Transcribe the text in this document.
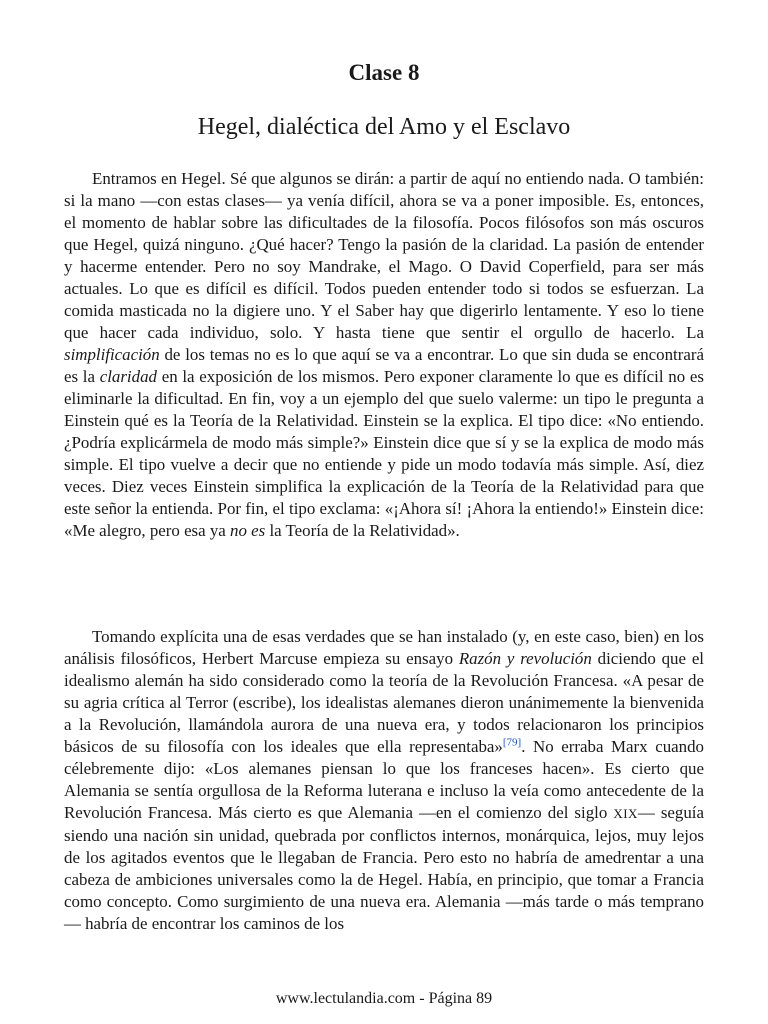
Clase 8
Hegel, dialéctica del Amo y el Esclavo

Entramos en Hegel. Sé que algunos se dirán: a partir de aquí no entiendo nada. O también: si la mano —con estas clases— ya venía difícil, ahora se va a poner imposible. Es, entonces, el momento de hablar sobre las dificultades de la filosofía. Pocos filósofos son más oscuros que Hegel, quizá ninguno. ¿Qué hacer? Tengo la pasión de la claridad. La pasión de entender y hacerme entender. Pero no soy Mandrake, el Mago. O David Coperfield, para ser más actuales. Lo que es difícil es difícil. Todos pueden entender todo si todos se esfuerzan. La comida masticada no la digiere uno. Y el Saber hay que digerirlo lentamente. Y eso lo tiene que hacer cada individuo, solo. Y hasta tiene que sentir el orgullo de hacerlo. La simplificación de los temas no es lo que aquí se va a encontrar. Lo que sin duda se encontrará es la claridad en la exposición de los mismos. Pero exponer claramente lo que es difícil no es eliminarle la dificultad. En fin, voy a un ejemplo del que suelo valerme: un tipo le pregunta a Einstein qué es la Teoría de la Relatividad. Einstein se la explica. El tipo dice: «No entiendo. ¿Podría explicármela de modo más simple?» Einstein dice que sí y se la explica de modo más simple. El tipo vuelve a decir que no entiende y pide un modo todavía más simple. Así, diez veces. Diez veces Einstein simplifica la explicación de la Teoría de la Relatividad para que este señor la entienda. Por fin, el tipo exclama: «¡Ahora sí! ¡Ahora la entiendo!» Einstein dice: «Me alegro, pero esa ya no es la Teoría de la Relatividad».

Tomando explícita una de esas verdades que se han instalado (y, en este caso, bien) en los análisis filosóficos, Herbert Marcuse empieza su ensayo Razón y revolución diciendo que el idealismo alemán ha sido considerado como la teoría de la Revolución Francesa. «A pesar de su agria crítica al Terror (escribe), los idealistas alemanes dieron unánimemente la bienvenida a la Revolución, llamándola aurora de una nueva era, y todos relacionaron los principios básicos de su filosofía con los ideales que ella representaba»[79]. No erraba Marx cuando célebremente dijo: «Los alemanes piensan lo que los franceses hacen». Es cierto que Alemania se sentía orgullosa de la Reforma luterana e incluso la veía como antecedente de la Revolución Francesa. Más cierto es que Alemania —en el comienzo del siglo XIX— seguía siendo una nación sin unidad, quebrada por conflictos internos, monárquica, lejos, muy lejos de los agitados eventos que le llegaban de Francia. Pero esto no habría de amedrentar a una cabeza de ambiciones universales como la de Hegel. Había, en principio, que tomar a Francia como concepto. Como surgimiento de una nueva era. Alemania —más tarde o más temprano— habría de encontrar los caminos de los

www.lectulandia.com - Página 89
